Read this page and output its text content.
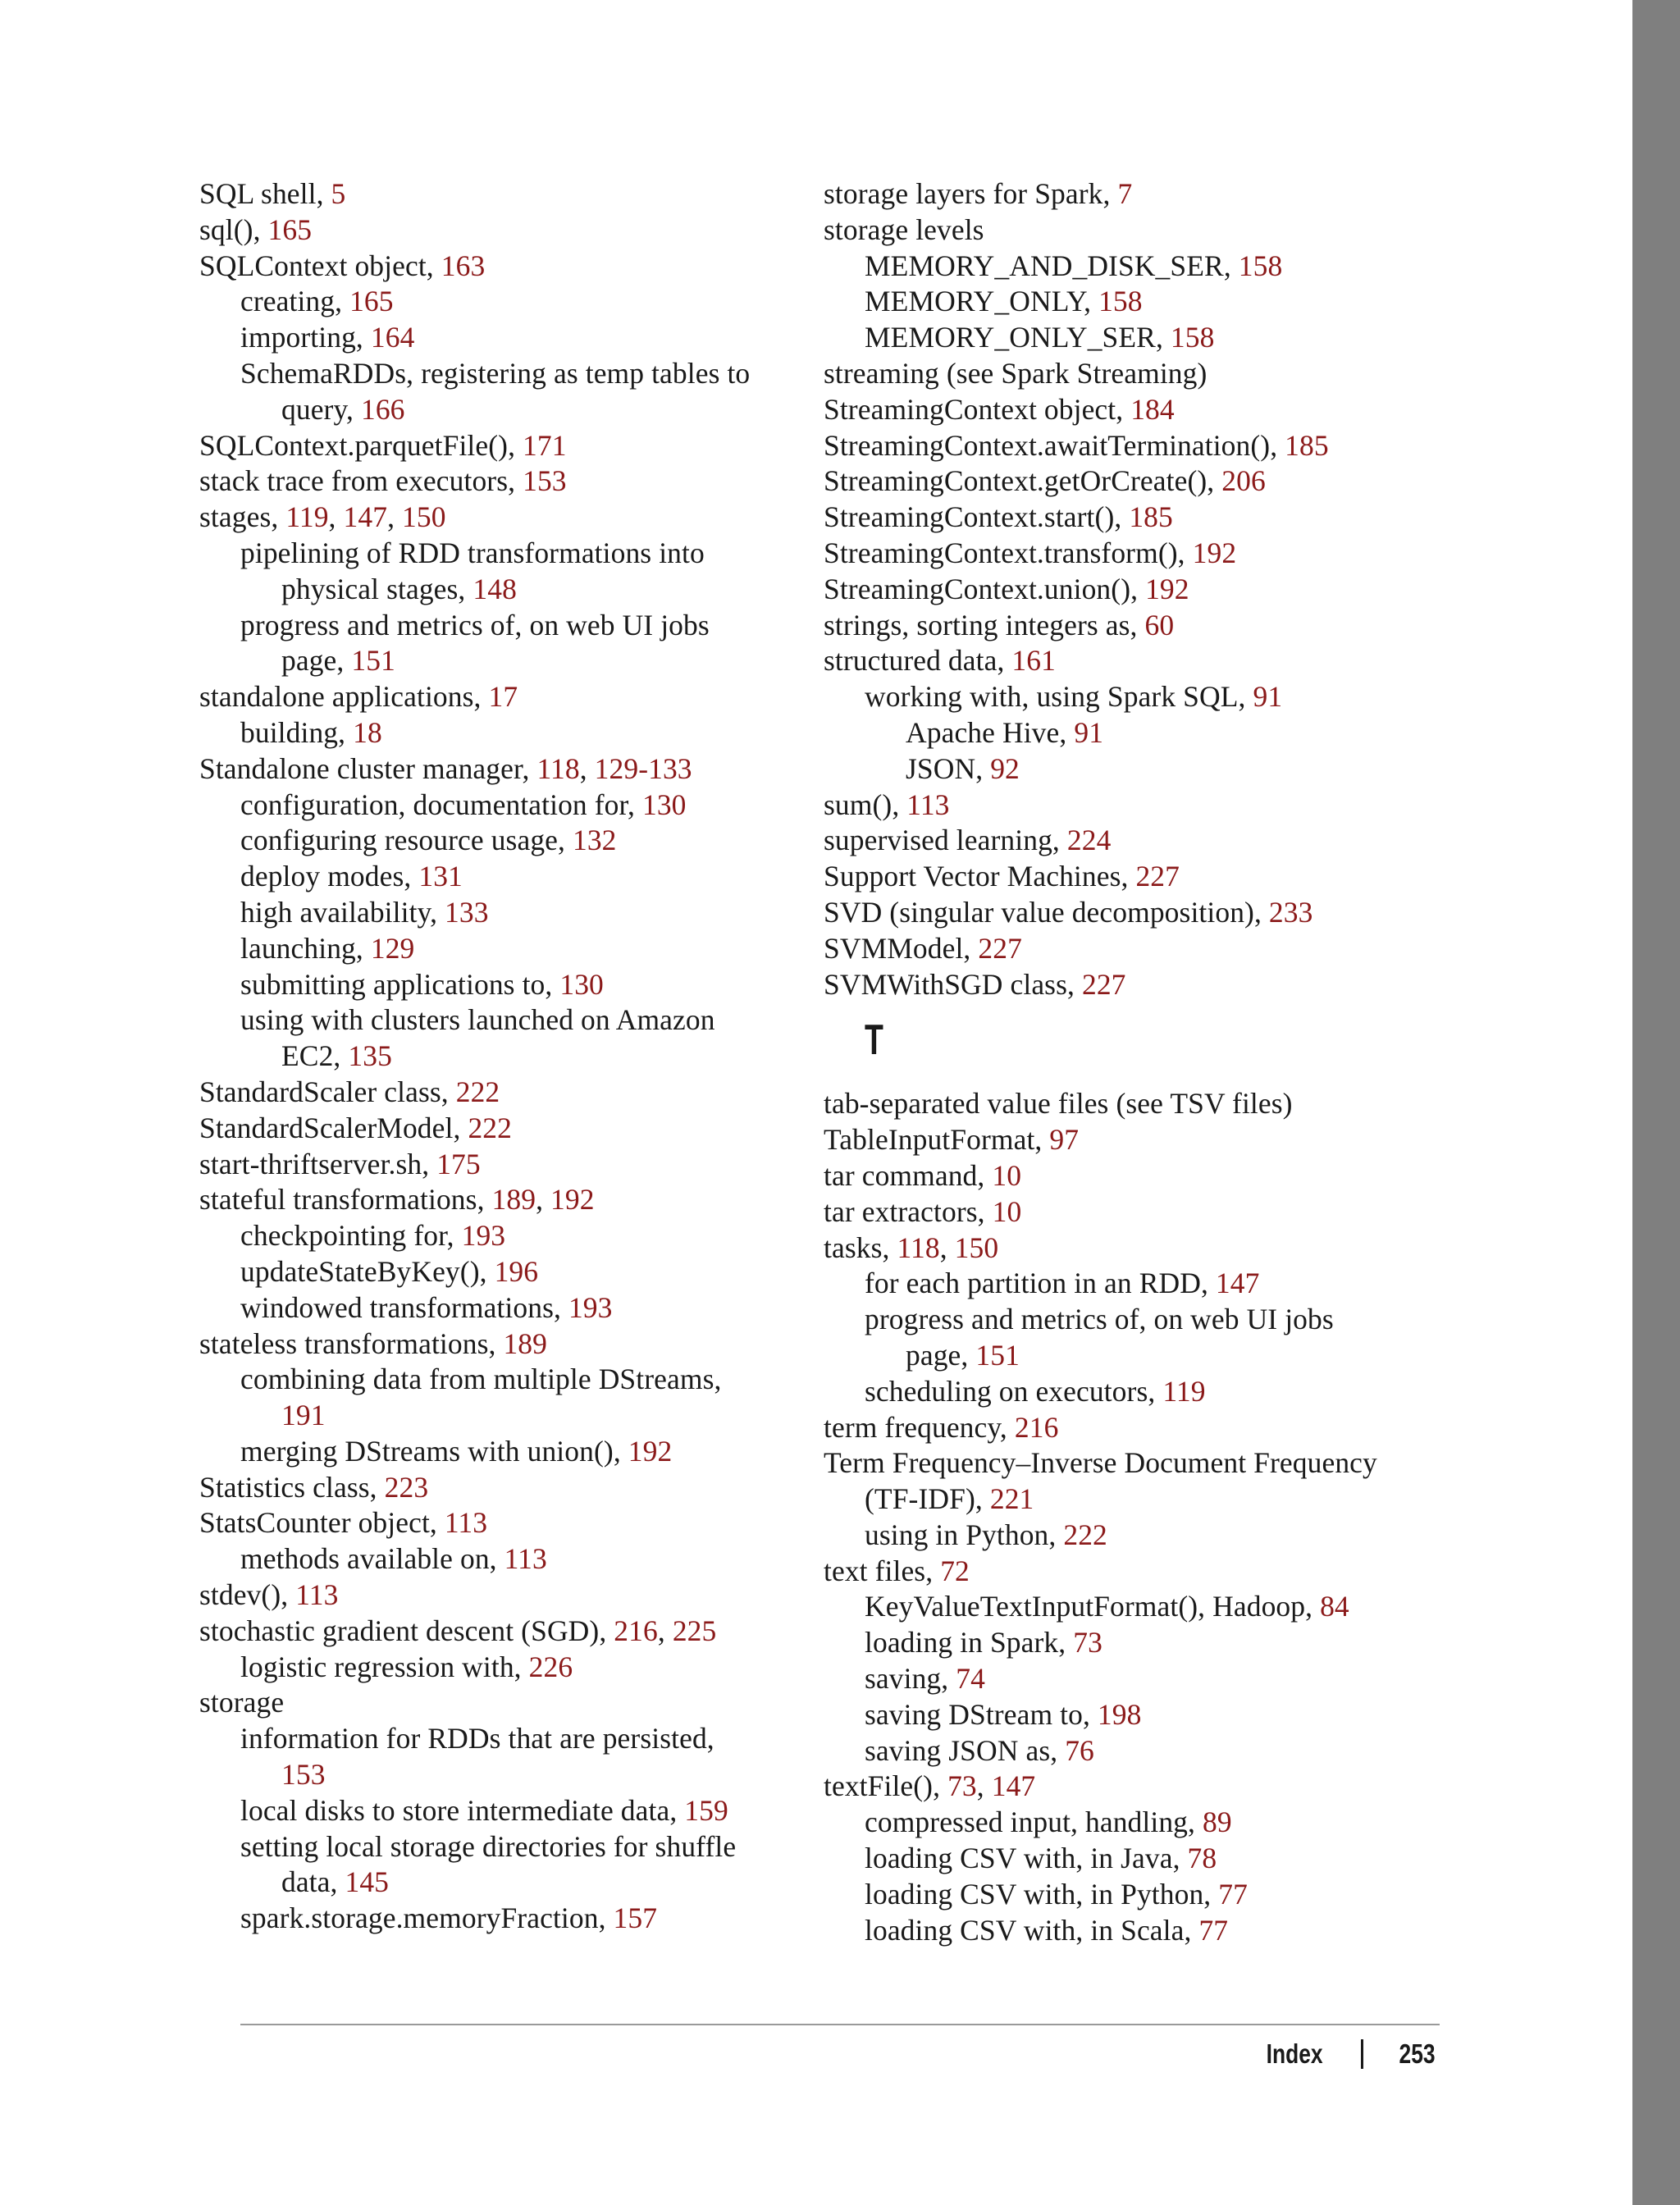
SQL shell, 5
sql(), 165
SQLContext object, 163
creating, 165
importing, 164
SchemaRDDs, registering as temp tables to
query, 166
SQLContext.parquetFile(), 171
stack trace from executors, 153
stages, 119, 147, 150
pipelining of RDD transformations into
physical stages, 148
progress and metrics of, on web UI jobs
page, 151
standalone applications, 17
building, 18
Standalone cluster manager, 118, 129-133
configuration, documentation for, 130
configuring resource usage, 132
deploy modes, 131
high availability, 133
launching, 129
submitting applications to, 130
using with clusters launched on Amazon
EC2, 135
StandardScaler class, 222
StandardScalerModel, 222
start-thriftserver.sh, 175
stateful transformations, 189, 192
checkpointing for, 193
updateStateByKey(), 196
windowed transformations, 193
stateless transformations, 189
combining data from multiple DStreams,
191
merging DStreams with union(), 192
Statistics class, 223
StatsCounter object, 113
methods available on, 113
stdev(), 113
stochastic gradient descent (SGD), 216, 225
logistic regression with, 226
storage
information for RDDs that are persisted,
153
local disks to store intermediate data, 159
setting local storage directories for shuffle
data, 145
spark.storage.memoryFraction, 157
storage layers for Spark, 7
storage levels
MEMORY_AND_DISK_SER, 158
MEMORY_ONLY, 158
MEMORY_ONLY_SER, 158
streaming (see Spark Streaming)
StreamingContext object, 184
StreamingContext.awaitTermination(), 185
StreamingContext.getOrCreate(), 206
StreamingContext.start(), 185
StreamingContext.transform(), 192
StreamingContext.union(), 192
strings, sorting integers as, 60
structured data, 161
working with, using Spark SQL, 91
Apache Hive, 91
JSON, 92
sum(), 113
supervised learning, 224
Support Vector Machines, 227
SVD (singular value decomposition), 233
SVMModel, 227
SVMWithSGD class, 227
T
tab-separated value files (see TSV files)
TableInputFormat, 97
tar command, 10
tar extractors, 10
tasks, 118, 150
for each partition in an RDD, 147
progress and metrics of, on web UI jobs
page, 151
scheduling on executors, 119
term frequency, 216
Term Frequency–Inverse Document Frequency
(TF-IDF), 221
using in Python, 222
text files, 72
KeyValueTextInputFormat(), Hadoop, 84
loading in Spark, 73
saving, 74
saving DStream to, 198
saving JSON as, 76
textFile(), 73, 147
compressed input, handling, 89
loading CSV with, in Java, 78
loading CSV with, in Python, 77
loading CSV with, in Scala, 77
Index	253
